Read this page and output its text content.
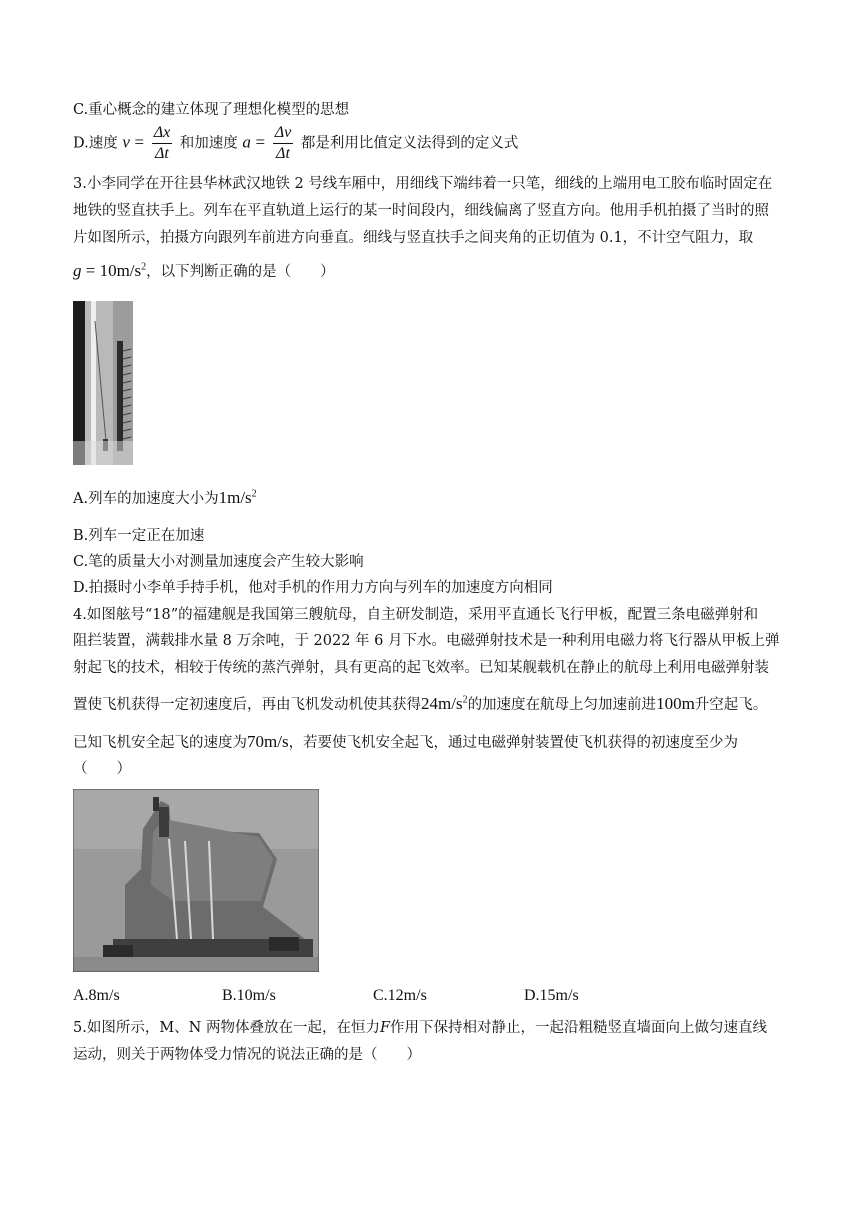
C.重心概念的建立体现了理想化模型的思想
D.速度 $v = \frac{\Delta x}{\Delta t}$ 和加速度 $a = \frac{\Delta v}{\Delta t}$ 都是利用比值定义法得到的定义式
3.小李同学在开往县华林武汉地铁 2 号线车厢中，用细线下端纬着一只笔，细线的上端用电工胶布临时固定在
地铁的竖直扶手上。列车在平直轨道上运行的某一时间段内，细线偏离了竖直方向。他用手机拍摄了当时的照
片如图所示，拍摄方向跟列车前进方向垂直。细线与竖直扶手之间夹角的正切值为 0.1，不计空气阻力，取
$g = 10m/s^2$，以下判断正确的是（　　）
A.列车的加速度大小为$1m/s^2$
B.列车一定正在加速
C.笔的质量大小对测量加速度会产生较大影响
D.拍摄时小李单手持手机，他对手机的作用力方向与列车的加速度方向相同
4.如图舷号“18”的福建舰是我国第三艘航母，自主研发制造，采用平直通长飞行甲板，配置三条电磁弹射和
阻拦装置，满载排水量 8 万余吨，于 2022 年 6 月下水。电磁弹射技术是一种利用电磁力将飞行器从甲板上弹
射起飞的技术，相较于传统的蒸汽弹射，具有更高的起飞效率。已知某舰载机在静止的航母上利用电磁弹射装
置使飞机获得一定初速度后，再由飞机发动机使其获得$24m/s^2$的加速度在航母上匀加速前进100m升空起飞。
已知飞机安全起飞的速度为70m/s，若要使飞机安全起飞，通过电磁弹射装置使飞机获得的初速度至少为
（　　）
A.8m/s	B.10m/s	C.12m/s	D.15m/s
5.如图所示，M、N 两物体叠放在一起，在恒力F作用下保持相对静止，一起沿粗糙竖直墙面向上做匀速直线
运动，则关于两物体受力情况的说法正确的是（　　）
